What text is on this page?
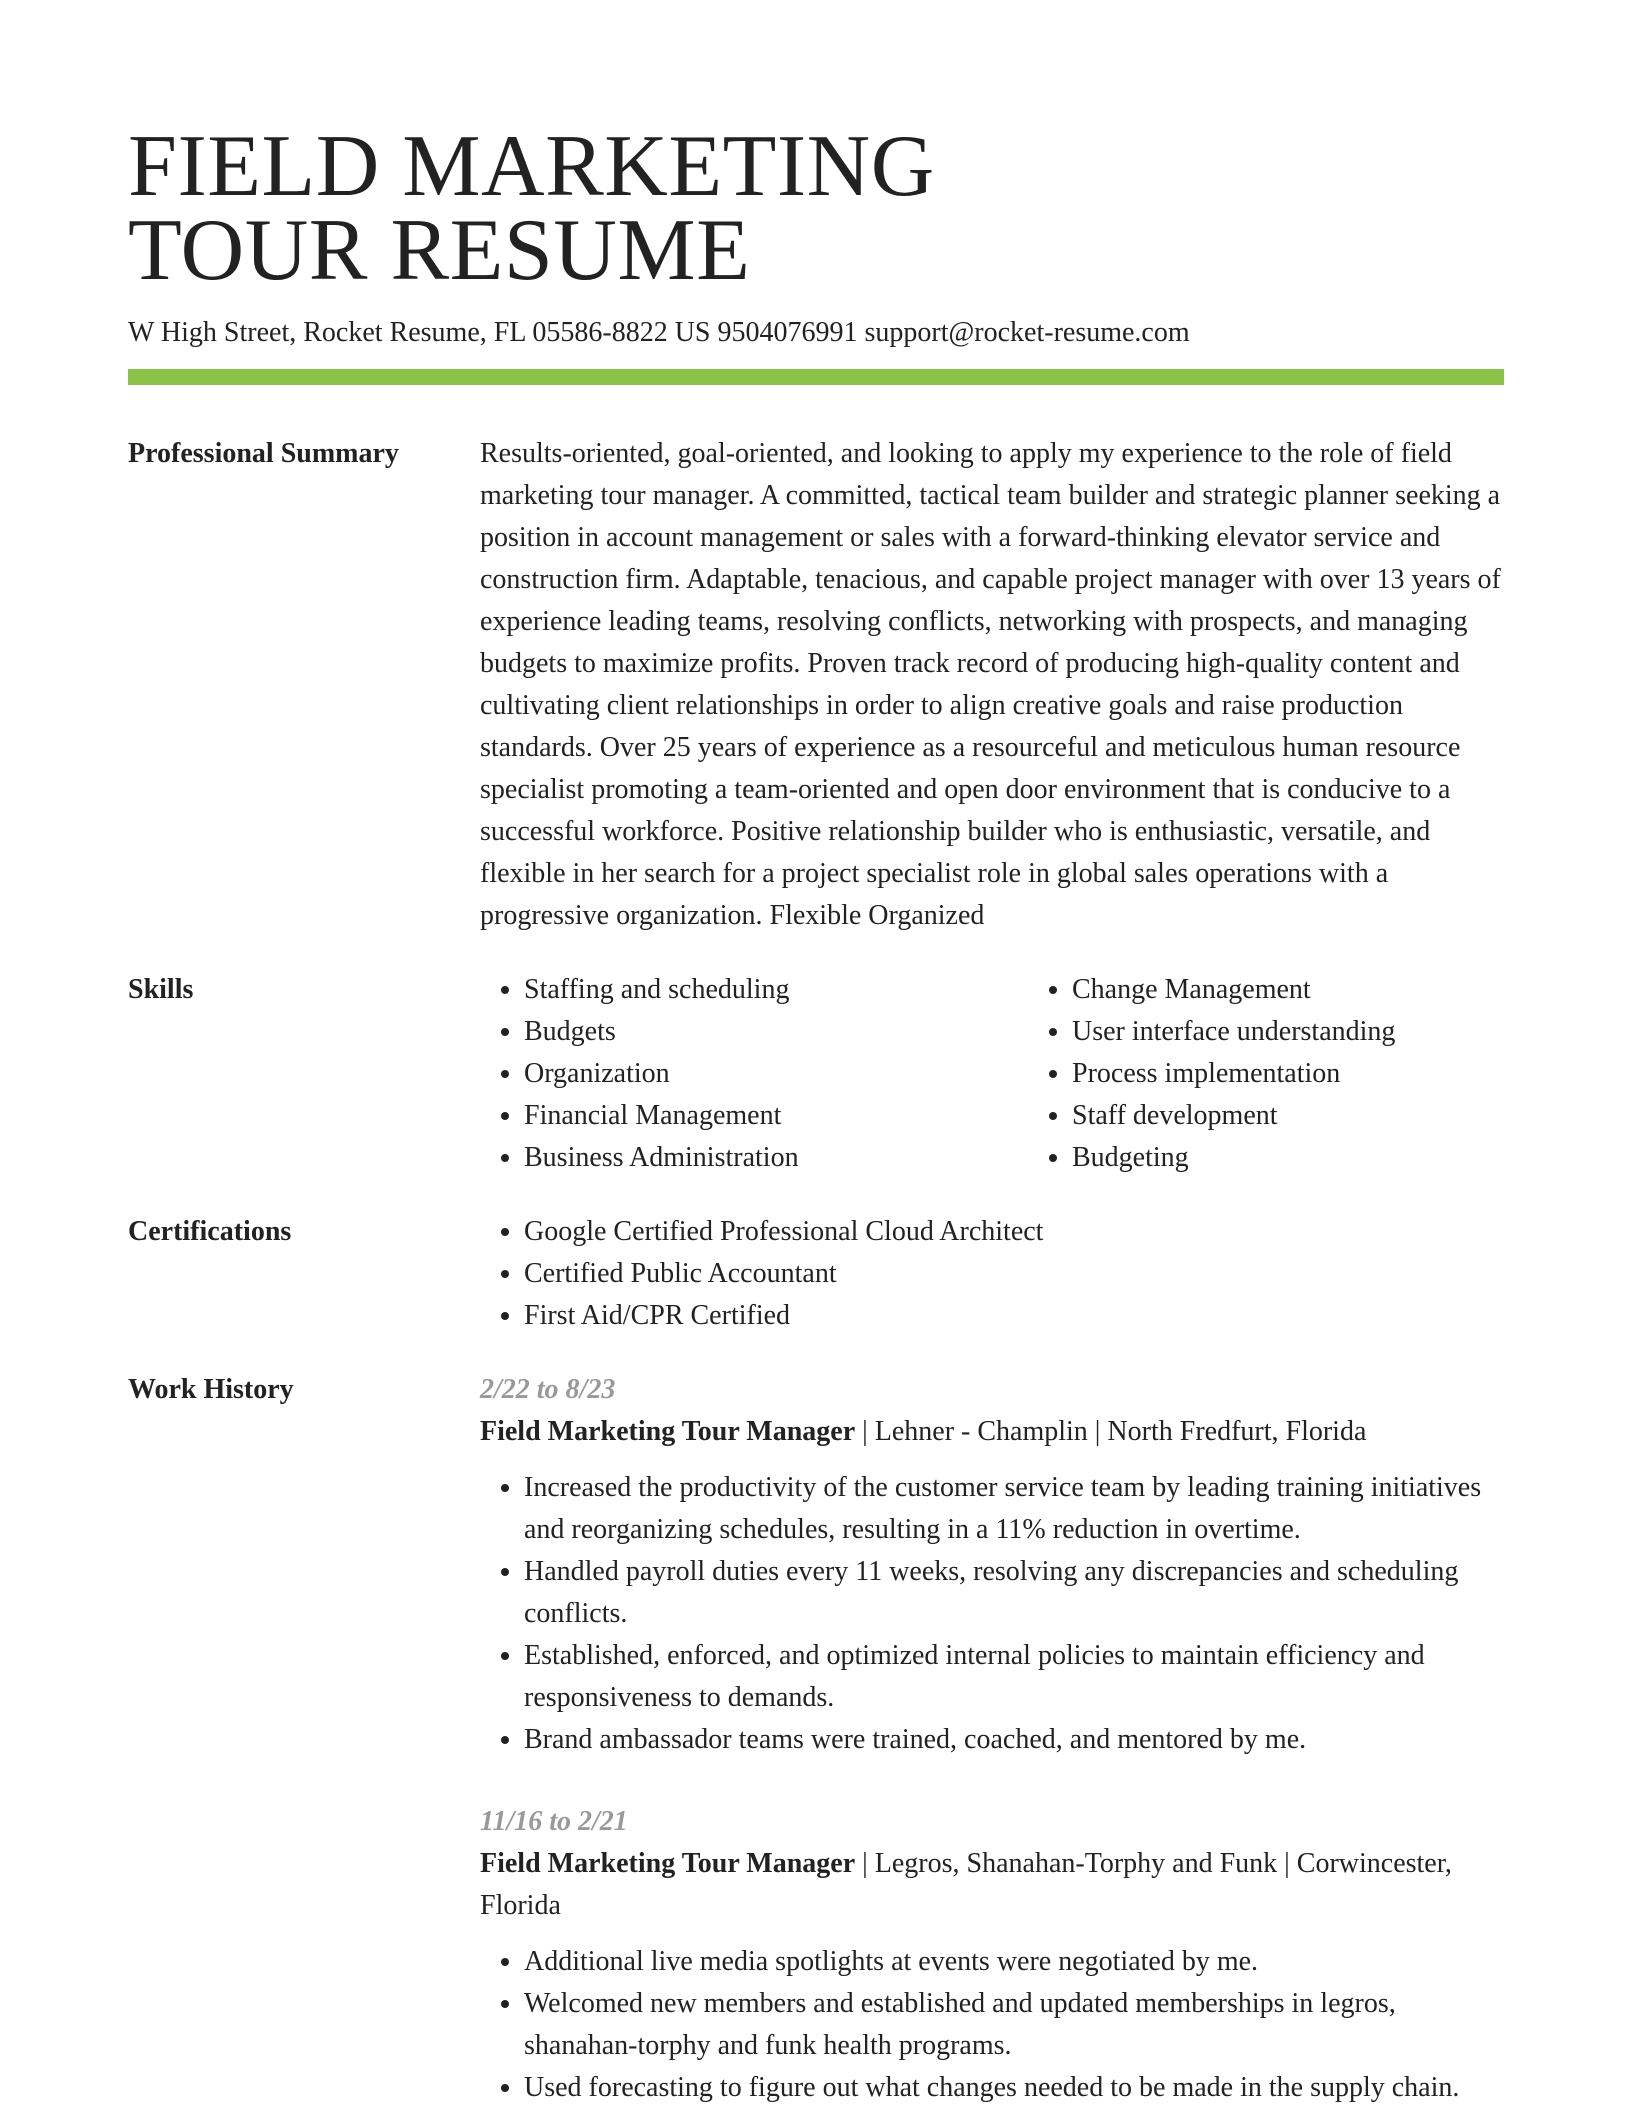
FIELD MARKETING
TOUR RESUME
W High Street, Rocket Resume, FL 05586-8822 US 9504076991 support@rocket-resume.com
Professional Summary	Results-oriented, goal-oriented, and looking to apply my experience to the role of field marketing tour manager. A committed, tactical team builder and strategic planner seeking a position in account management or sales with a forward-thinking elevator service and construction firm. Adaptable, tenacious, and capable project manager with over 13 years of experience leading teams, resolving conflicts, networking with prospects, and managing budgets to maximize profits. Proven track record of producing high-quality content and cultivating client relationships in order to align creative goals and raise production standards. Over 25 years of experience as a resourceful and meticulous human resource specialist promoting a team-oriented and open door environment that is conducive to a successful workforce. Positive relationship builder who is enthusiastic, versatile, and flexible in her search for a project specialist role in global sales operations with a progressive organization. Flexible Organized
Skills	• Staffing and scheduling
• Budgets
• Organization
• Financial Management
• Business Administration
• Change Management
• User interface understanding
• Process implementation
• Staff development
• Budgeting
Certifications	• Google Certified Professional Cloud Architect
• Certified Public Accountant
• First Aid/CPR Certified
Work History	2/22 to 8/23
Field Marketing Tour Manager | Lehner - Champlin | North Fredfurt, Florida
• Increased the productivity of the customer service team by leading training initiatives and reorganizing schedules, resulting in a 11% reduction in overtime.
• Handled payroll duties every 11 weeks, resolving any discrepancies and scheduling conflicts.
• Established, enforced, and optimized internal policies to maintain efficiency and responsiveness to demands.
• Brand ambassador teams were trained, coached, and mentored by me.
11/16 to 2/21
Field Marketing Tour Manager | Legros, Shanahan-Torphy and Funk | Corwincester, Florida
• Additional live media spotlights at events were negotiated by me.
• Welcomed new members and established and updated memberships in legros, shanahan-torphy and funk health programs.
• Used forecasting to figure out what changes needed to be made in the supply chain.
